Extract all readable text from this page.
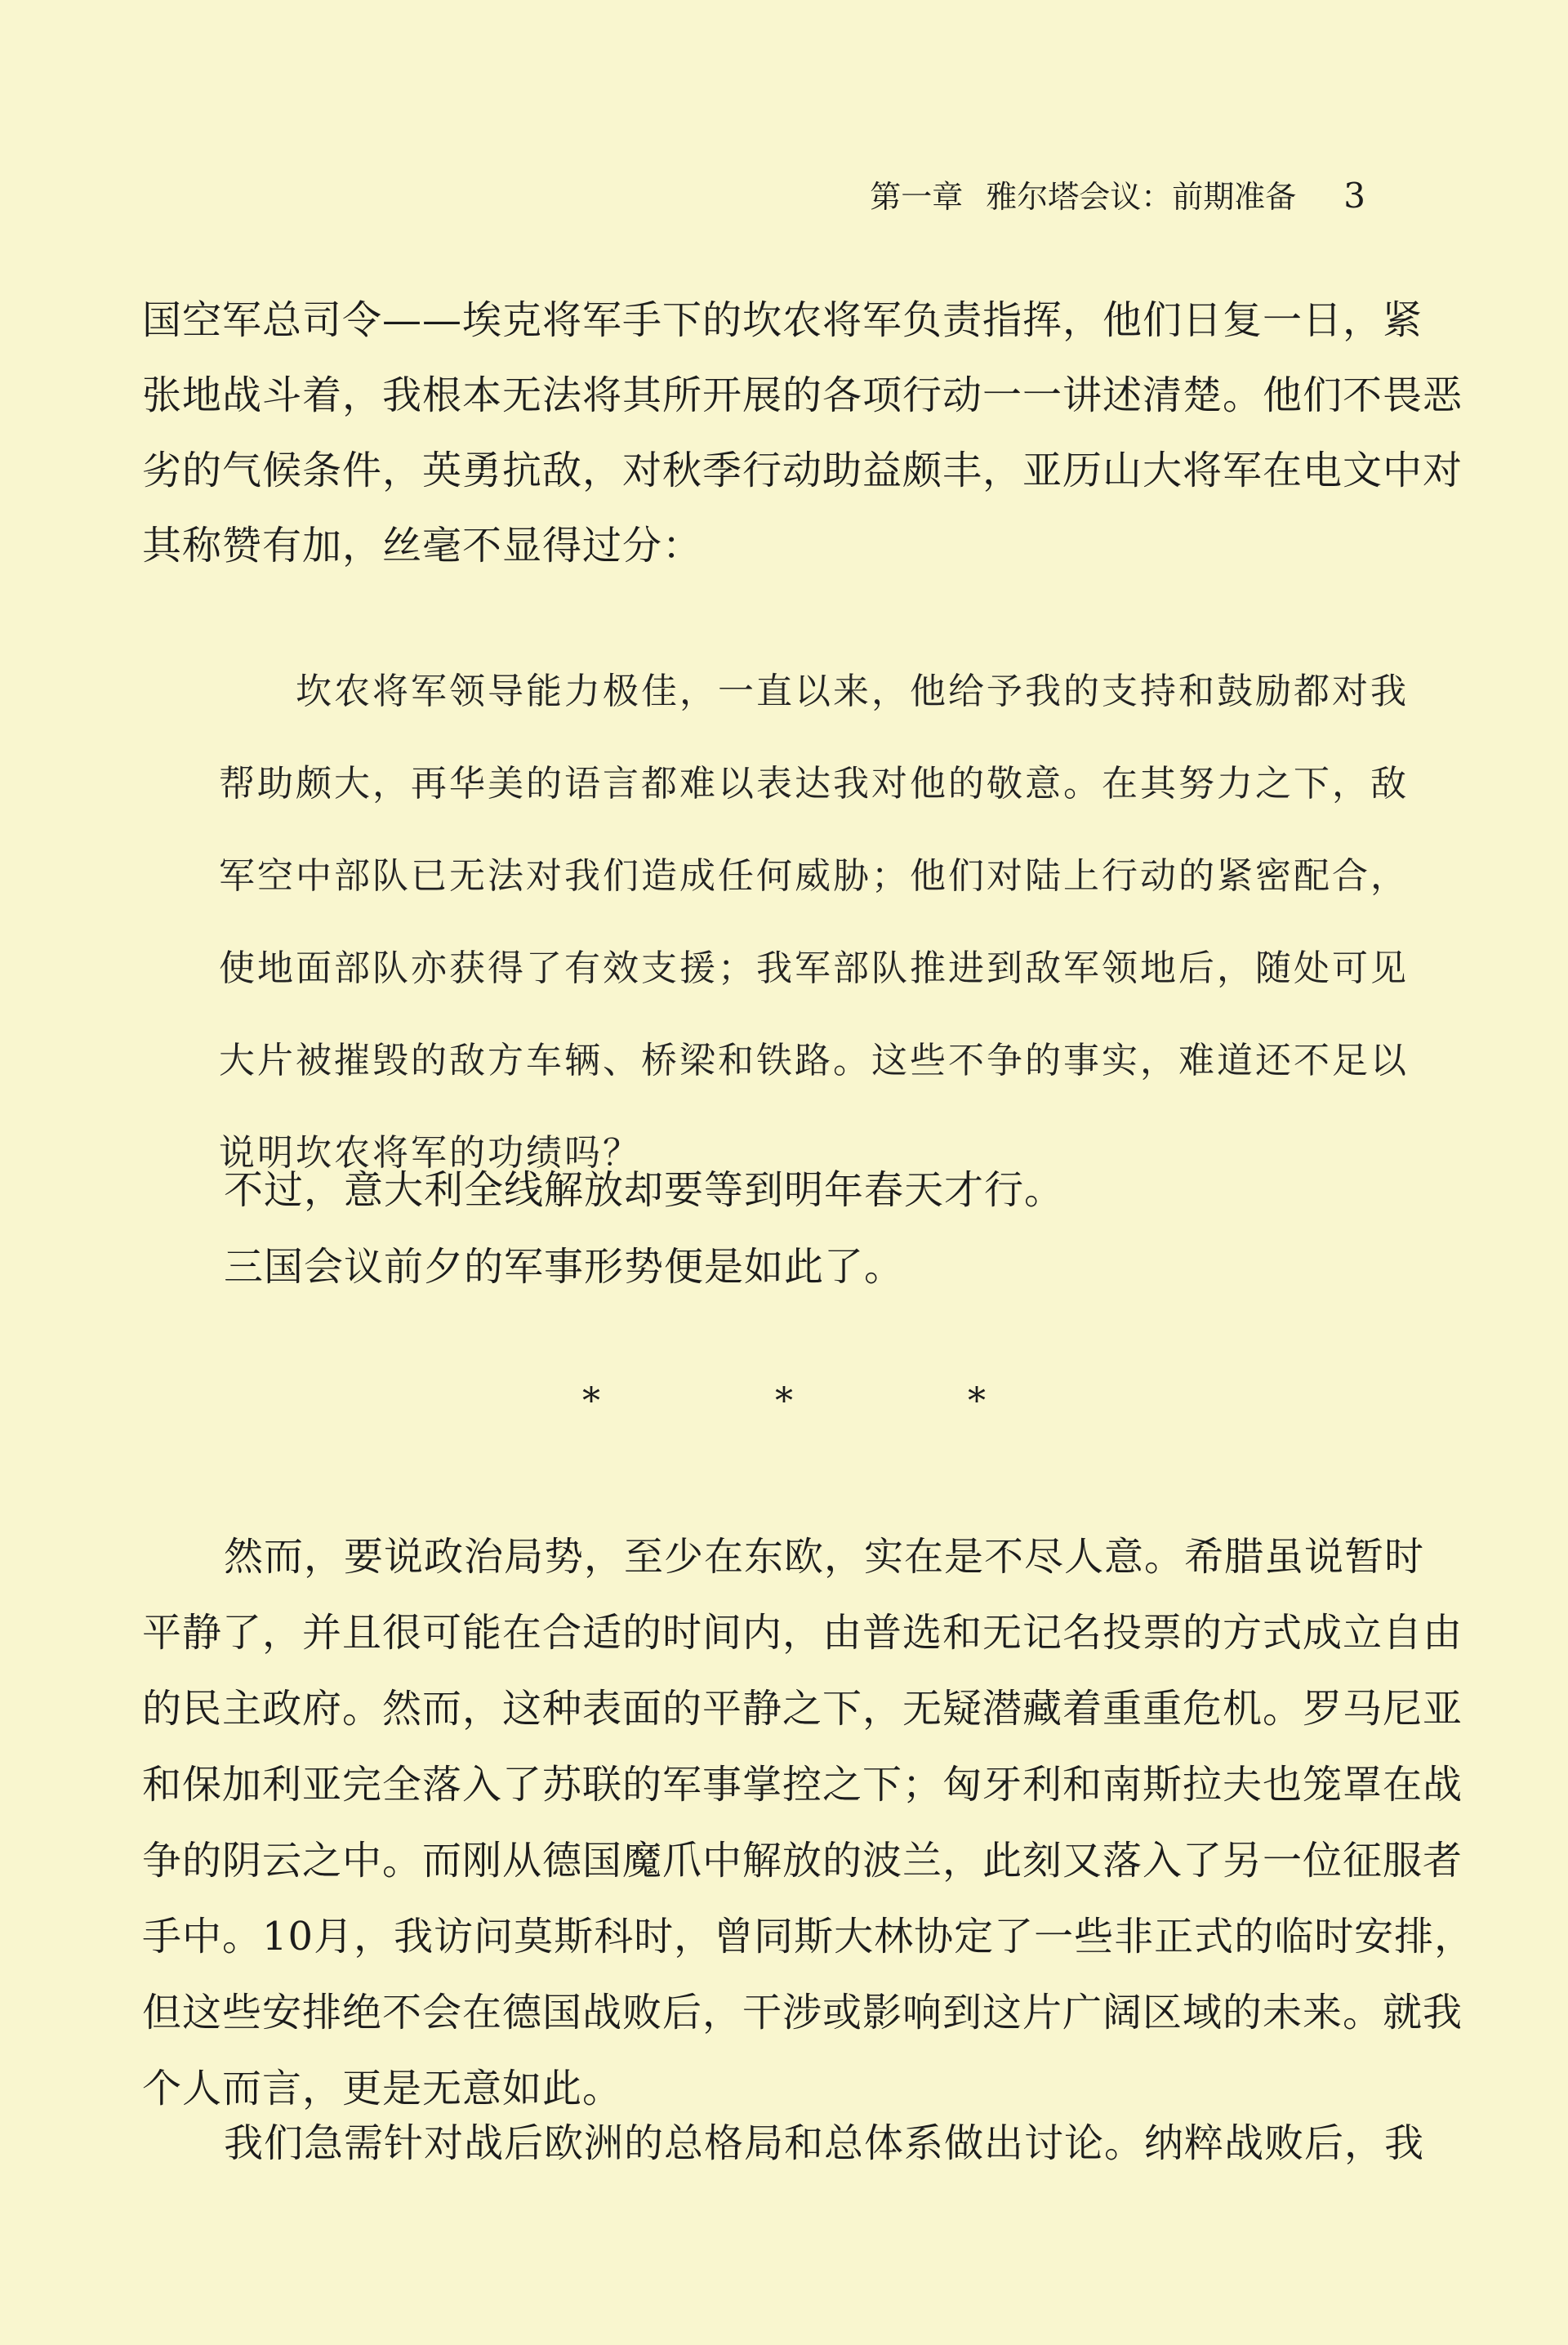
第一章 雅尔塔会议：前期准备 3
国空军总司令——埃克将军手下的坎农将军负责指挥，他们日复一日，紧
张地战斗着，我根本无法将其所开展的各项行动一一讲述清楚。他们不畏恶
劣的气候条件，英勇抗敌，对秋季行动助益颇丰，亚历山大将军在电文中对
其称赞有加，丝毫不显得过分：
坎农将军领导能力极佳，一直以来，他给予我的支持和鼓励都对我
帮助颇大，再华美的语言都难以表达我对他的敬意。在其努力之下，敌
军空中部队已无法对我们造成任何威胁；他们对陆上行动的紧密配合，
使地面部队亦获得了有效支援；我军部队推进到敌军领地后，随处可见
大片被摧毁的敌方车辆、桥梁和铁路。这些不争的事实，难道还不足以
说明坎农将军的功绩吗？
不过，意大利全线解放却要等到明年春天才行。
三国会议前夕的军事形势便是如此了。
* * *
然而，要说政治局势，至少在东欧，实在是不尽人意。希腊虽说暂时
平静了，并且很可能在合适的时间内，由普选和无记名投票的方式成立自由
的民主政府。然而，这种表面的平静之下，无疑潜藏着重重危机。罗马尼亚
和保加利亚完全落入了苏联的军事掌控之下；匈牙利和南斯拉夫也笼罩在战
争的阴云之中。而刚从德国魔爪中解放的波兰，此刻又落入了另一位征服者
手中。10月，我访问莫斯科时，曾同斯大林协定了一些非正式的临时安排，
但这些安排绝不会在德国战败后，干涉或影响到这片广阔区域的未来。就我
个人而言，更是无意如此。
我们急需针对战后欧洲的总格局和总体系做出讨论。纳粹战败后，我
